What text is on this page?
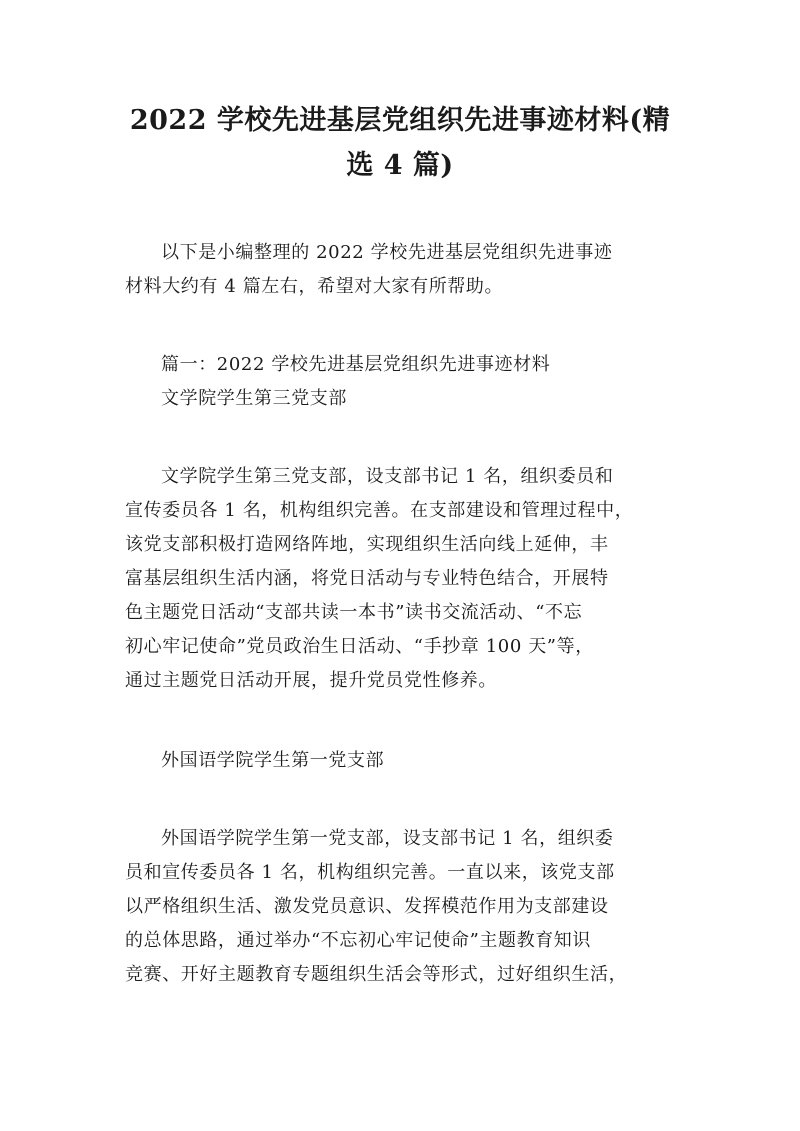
2022 学校先进基层党组织先进事迹材料(精
选 4 篇)

以下是小编整理的 2022 学校先进基层党组织先进事迹
材料大约有 4 篇左右，希望对大家有所帮助。

篇一：2022 学校先进基层党组织先进事迹材料
文学院学生第三党支部

文学院学生第三党支部，设支部书记 1 名，组织委员和
宣传委员各 1 名，机构组织完善。在支部建设和管理过程中，
该党支部积极打造网络阵地，实现组织生活向线上延伸，丰
富基层组织生活内涵，将党日活动与专业特色结合，开展特
色主题党日活动“支部共读一本书”读书交流活动、“不忘
初心牢记使命”党员政治生日活动、“手抄章 100 天”等，
通过主题党日活动开展，提升党员党性修养。

外国语学院学生第一党支部

外国语学院学生第一党支部，设支部书记 1 名，组织委
员和宣传委员各 1 名，机构组织完善。一直以来，该党支部
以严格组织生活、激发党员意识、发挥模范作用为支部建设
的总体思路，通过举办“不忘初心牢记使命”主题教育知识
竞赛、开好主题教育专题组织生活会等形式，过好组织生活，
